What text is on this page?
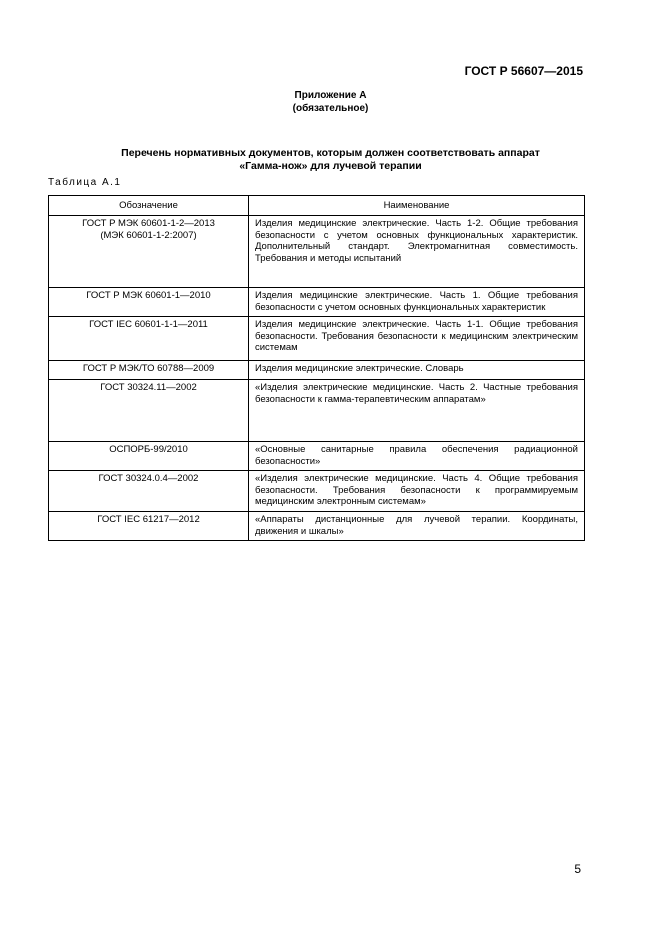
ГОСТ Р 56607—2015
Приложение А
(обязательное)
Перечень нормативных документов, которым должен соответствовать аппарат
«Гамма-нож» для лучевой терапии
Таблица А.1
Обозначение	Наименование

ГОСТ Р МЭК 60601-1-2—2013
(МЭК 60601-1-2:2007)	Изделия медицинские электрические. Часть 1-2. Общие требования безопасности с учетом основных функциональных характеристик. Дополнительный стандарт. Электромагнитная совместимость. Требования и методы испытаний
ГОСТ Р МЭК 60601-1—2010	Изделия медицинские электрические. Часть 1. Общие требования безопасности с учетом основных функциональных характеристик
ГОСТ IEC 60601-1-1—2011	Изделия медицинские электрические. Часть 1-1. Общие требования безопасности. Требования безопасности к медицинским электрическим системам
ГОСТ Р МЭК/ТО 60788—2009	Изделия медицинские электрические. Словарь
ГОСТ 30324.11—2002	«Изделия электрические медицинские. Часть 2. Частные требования безопасности к гамма-терапевтическим аппаратам»
ОСПОРБ-99/2010	«Основные санитарные правила обеспечения радиационной безопасности»
ГОСТ 30324.0.4—2002	«Изделия электрические медицинские. Часть 4. Общие требования безопасности. Требования безопасности к программируемым медицинским электронным системам»
ГОСТ IEC 61217—2012	«Аппараты дистанционные для лучевой терапии. Координаты, движения и шкалы»
5
